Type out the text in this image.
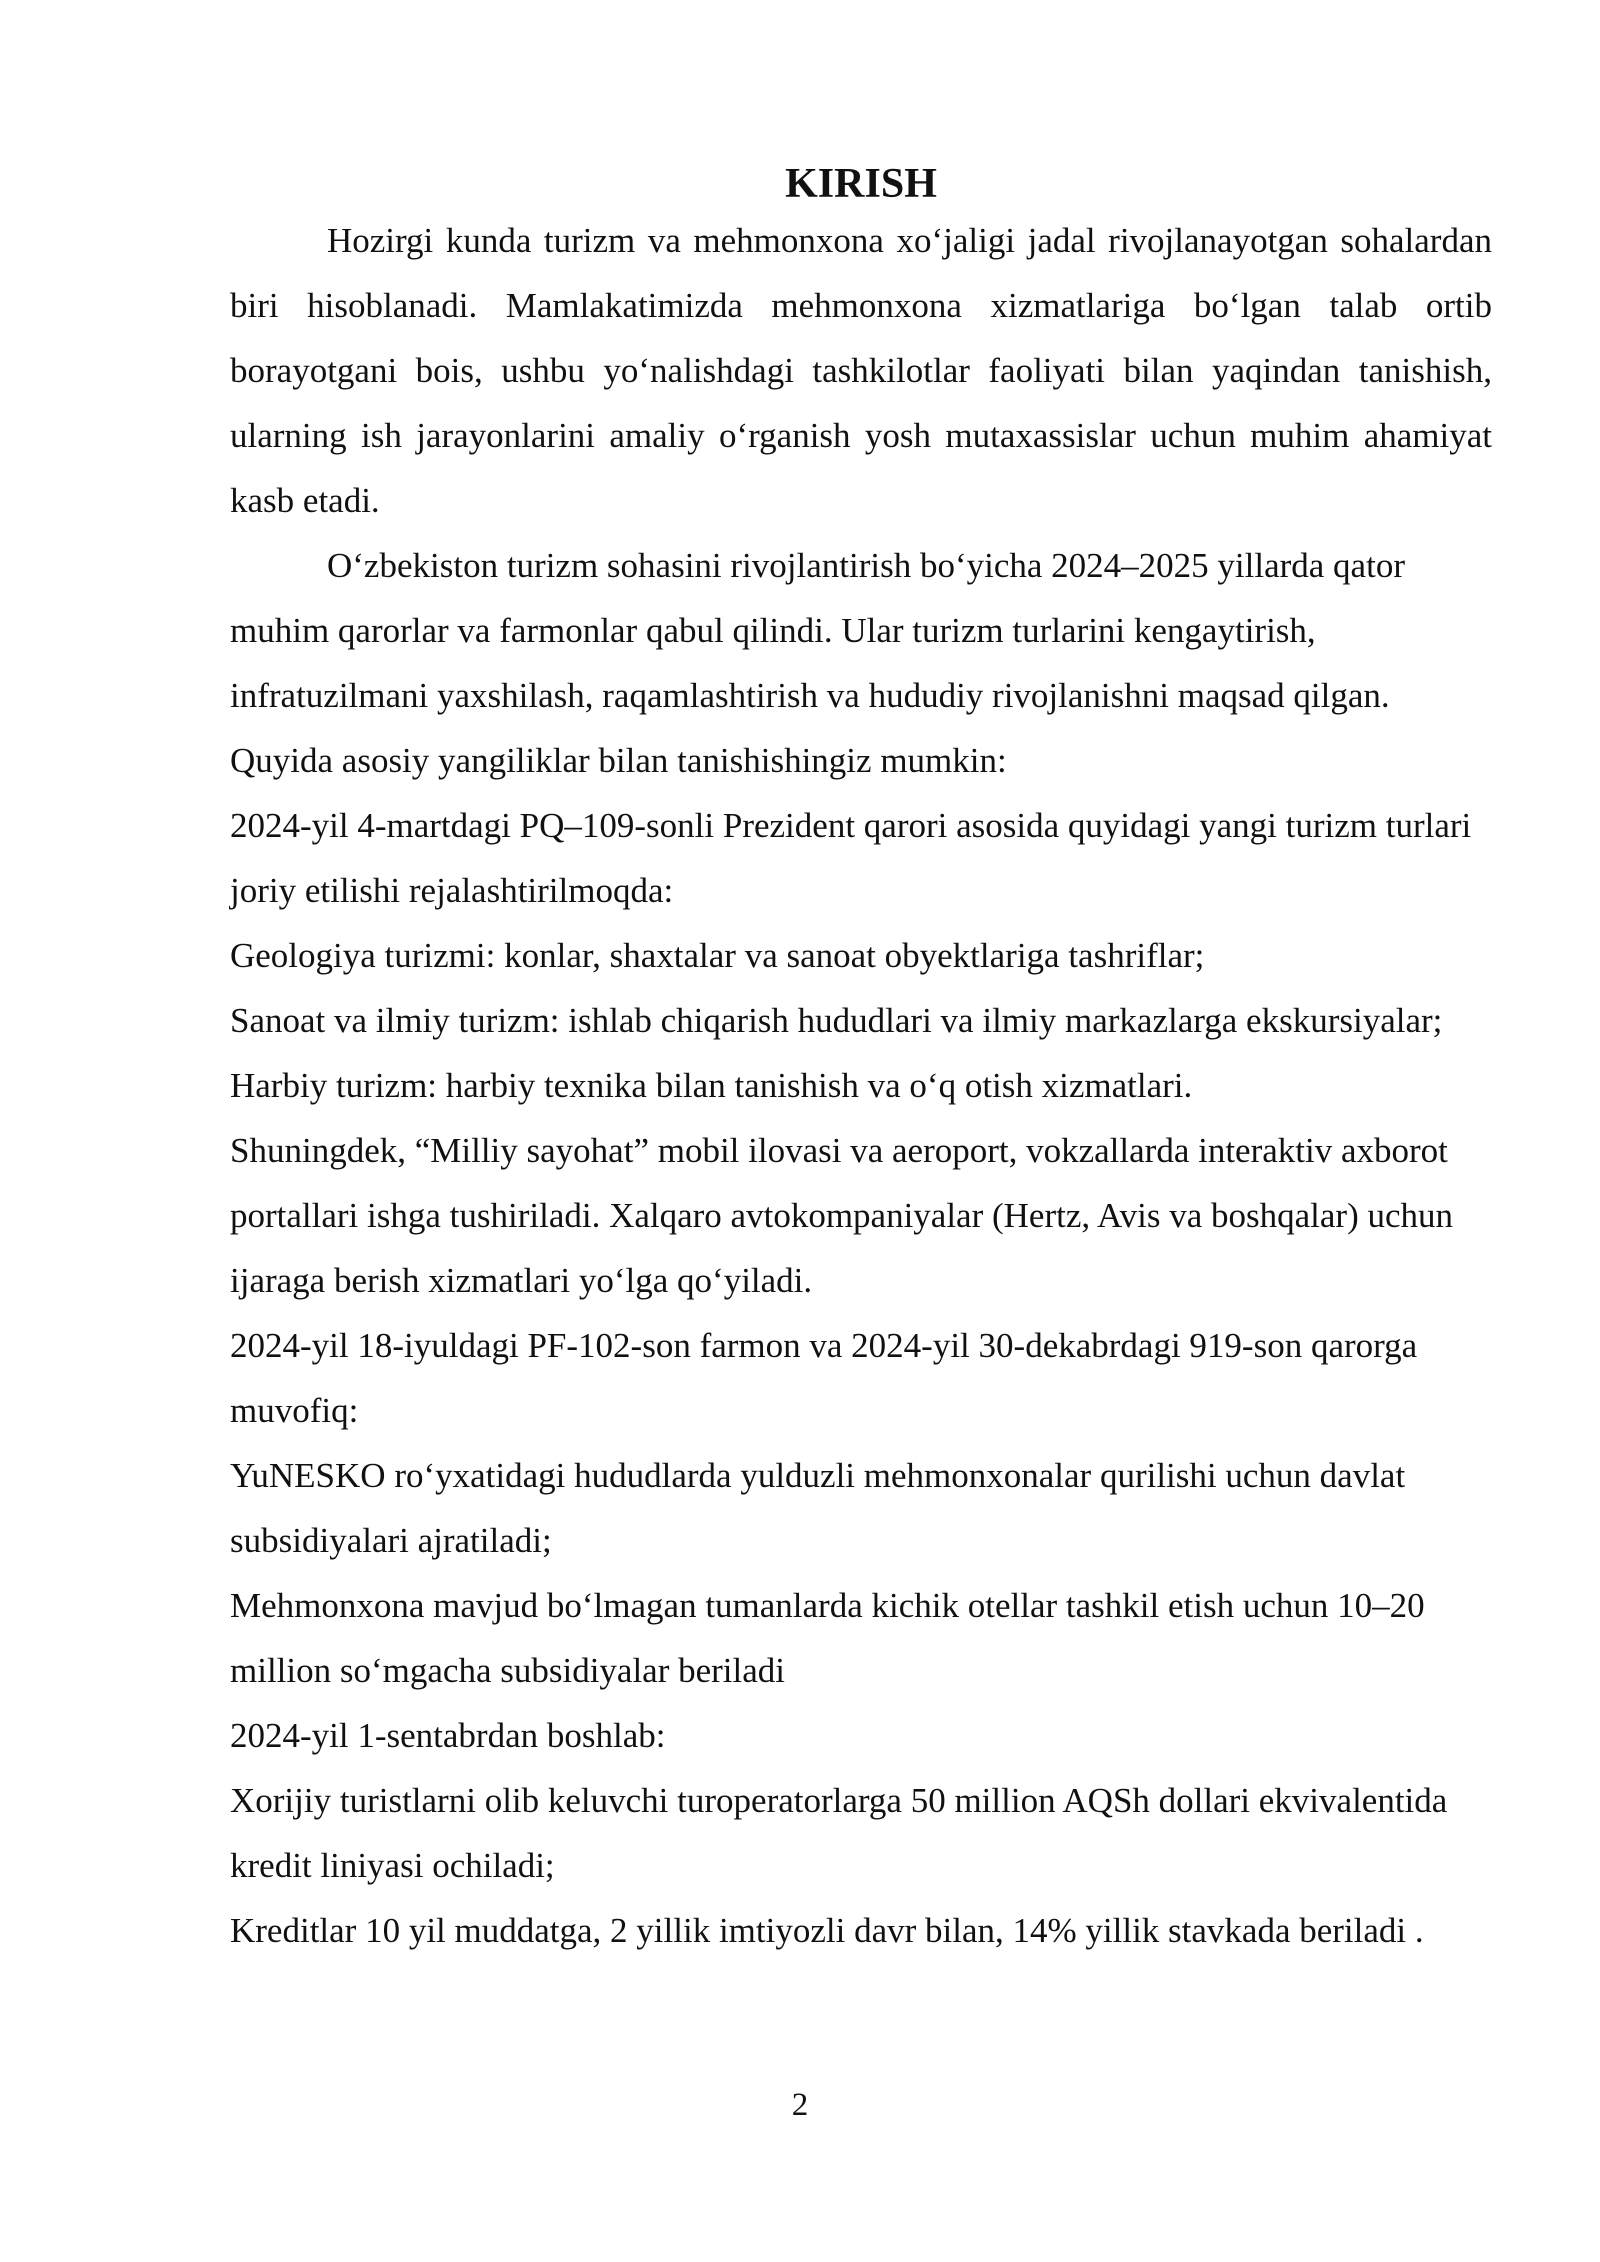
KIRISH

Hozirgi kunda turizm va mehmonxona xo‘jaligi jadal rivojlanayotgan sohalardan biri hisoblanadi. Mamlakatimizda mehmonxona xizmatlariga bo‘lgan talab ortib borayotgani bois, ushbu yo‘nalishdagi tashkilotlar faoliyati bilan yaqindan tanishish, ularning ish jarayonlarini amaliy o‘rganish yosh mutaxassislar uchun muhim ahamiyat kasb etadi.

O‘zbekiston turizm sohasini rivojlantirish bo‘yicha 2024–2025 yillarda qator muhim qarorlar va farmonlar qabul qilindi. Ular turizm turlarini kengaytirish, infratuzilmani yaxshilash, raqamlashtirish va hududiy rivojlanishni maqsad qilgan. Quyida asosiy yangiliklar bilan tanishishingiz mumkin:

2024-yil 4-martdagi PQ–109-sonli Prezident qarori asosida quyidagi yangi turizm turlari joriy etilishi rejalashtirilmoqda:

Geologiya turizmi: konlar, shaxtalar va sanoat obyektlariga tashriflar;

Sanoat va ilmiy turizm: ishlab chiqarish hududlari va ilmiy markazlarga ekskursiyalar;

Harbiy turizm: harbiy texnika bilan tanishish va o‘q otish xizmatlari.

Shuningdek, “Milliy sayohat” mobil ilovasi va aeroport, vokzallarda interaktiv axborot portallari ishga tushiriladi. Xalqaro avtokompaniyalar (Hertz, Avis va boshqalar) uchun ijaraga berish xizmatlari yo‘lga qo‘yiladi.

2024-yil 18-iyuldagi PF-102-son farmon va 2024-yil 30-dekabrdagi 919-son qarorga muvofiq:

YuNESKO ro‘yxatidagi hududlarda yulduzli mehmonxonalar qurilishi uchun davlat subsidiyalari ajratiladi;

Mehmonxona mavjud bo‘lmagan tumanlarda kichik otellar tashkil etish uchun 10–20 million so‘mgacha subsidiyalar beriladi

2024-yil 1-sentabrdan boshlab:

Xorijiy turistlarni olib keluvchi turoperatorlarga 50 million AQSh dollari ekvivalentida kredit liniyasi ochiladi;

Kreditlar 10 yil muddatga, 2 yillik imtiyozli davr bilan, 14% yillik stavkada beriladi .

2
